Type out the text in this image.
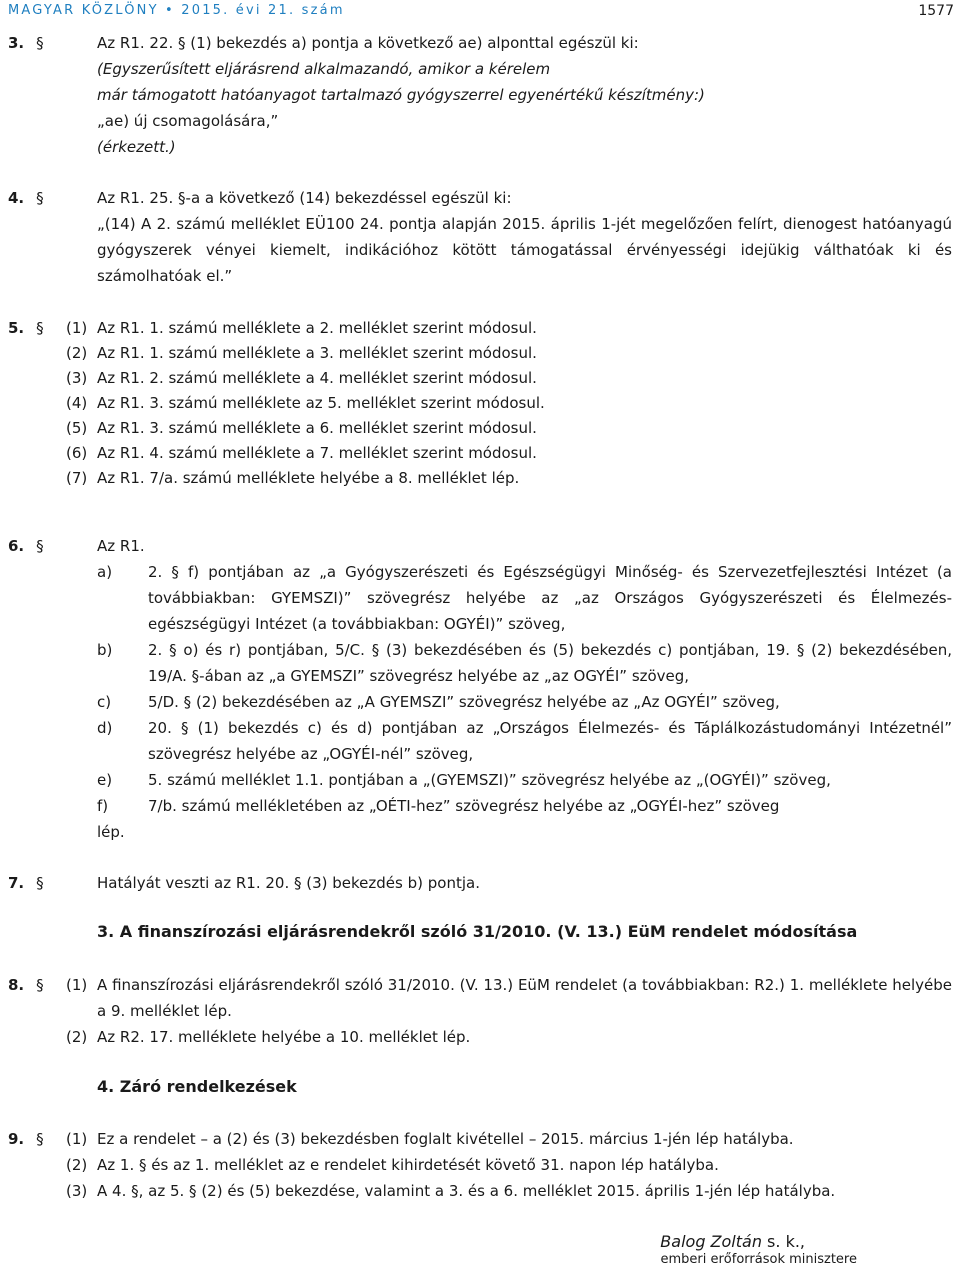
MAGYAR KÖZLÖNY • 2015. évi 21. szám	1577
3. §	Az R1. 22. § (1) bekezdés a) pontja a következő ae) alponttal egészül ki:
(Egyszerűsített eljárásrend alkalmazandó, amikor a kérelem
már támogatott hatóanyagot tartalmazó gyógyszerrel egyenértékű készítmény:)
„ae) új csomagolására,”
(érkezett.)
4. §	Az R1. 25. §-a a következő (14) bekezdéssel egészül ki:
„(14) A 2. számú melléklet EÜ100 24. pontja alapján 2015. április 1-jét megelőzően felírt, dienogest hatóanyagú gyógyszerek vényei kiemelt, indikációhoz kötött támogatással érvényességi idejükig válthatóak ki és számolhatóak el.”
5. § (1) Az R1. 1. számú melléklete a 2. melléklet szerint módosul.
(2) Az R1. 1. számú melléklete a 3. melléklet szerint módosul.
(3) Az R1. 2. számú melléklete a 4. melléklet szerint módosul.
(4) Az R1. 3. számú melléklete az 5. melléklet szerint módosul.
(5) Az R1. 3. számú melléklete a 6. melléklet szerint módosul.
(6) Az R1. 4. számú melléklete a 7. melléklet szerint módosul.
(7) Az R1. 7/a. számú melléklete helyébe a 8. melléklet lép.
6. §	Az R1.
a) 2. § f) pontjában az „a Gyógyszerészeti és Egészségügyi Minőség- és Szervezetfejlesztési Intézet (a továbbiakban: GYEMSZI)” szövegrész helyébe az „az Országos Gyógyszerészeti és Élelmezés-egészségügyi Intézet (a továbbiakban: OGYÉI)” szöveg,
b) 2. § o) és r) pontjában, 5/C. § (3) bekezdésében és (5) bekezdés c) pontjában, 19. § (2) bekezdésében, 19/A. §-ában az „a GYEMSZI” szövegrész helyébe az „az OGYÉI” szöveg,
c) 5/D. § (2) bekezdésében az „A GYEMSZI” szövegrész helyébe az „Az OGYÉI” szöveg,
d) 20. § (1) bekezdés c) és d) pontjában az „Országos Élelmezés- és Táplálkozástudományi Intézetnél” szövegrész helyébe az „OGYÉI-nél” szöveg,
e) 5. számú melléklet 1.1. pontjában a „(GYEMSZI)” szövegrész helyébe az „(OGYÉI)” szöveg,
f)	7/b. számú mellékletében az „OÉTI-hez” szövegrész helyébe az „OGYÉI-hez” szöveg
lép.
7. §	Hatályát veszti az R1. 20. § (3) bekezdés b) pontja.
3. A finanszírozási eljárásrendekről szóló 31/2010. (V. 13.) EüM rendelet módosítása
8. § (1) A finanszírozási eljárásrendekről szóló 31/2010. (V. 13.) EüM rendelet (a továbbiakban: R2.) 1. melléklete helyébe a 9. melléklet lép.
(2) Az R2. 17. melléklete helyébe a 10. melléklet lép.
4. Záró rendelkezések
9. § (1) Ez a rendelet – a (2) és (3) bekezdésben foglalt kivétellel – 2015. március 1-jén lép hatályba.
(2) Az 1. § és az 1. melléklet az e rendelet kihirdetését követő 31. napon lép hatályba.
(3) A 4. §, az 5. § (2) és (5) bekezdése, valamint a 3. és a 6. melléklet 2015. április 1-jén lép hatályba.
Balog Zoltán s. k.,
emberi erőforrások minisztere
